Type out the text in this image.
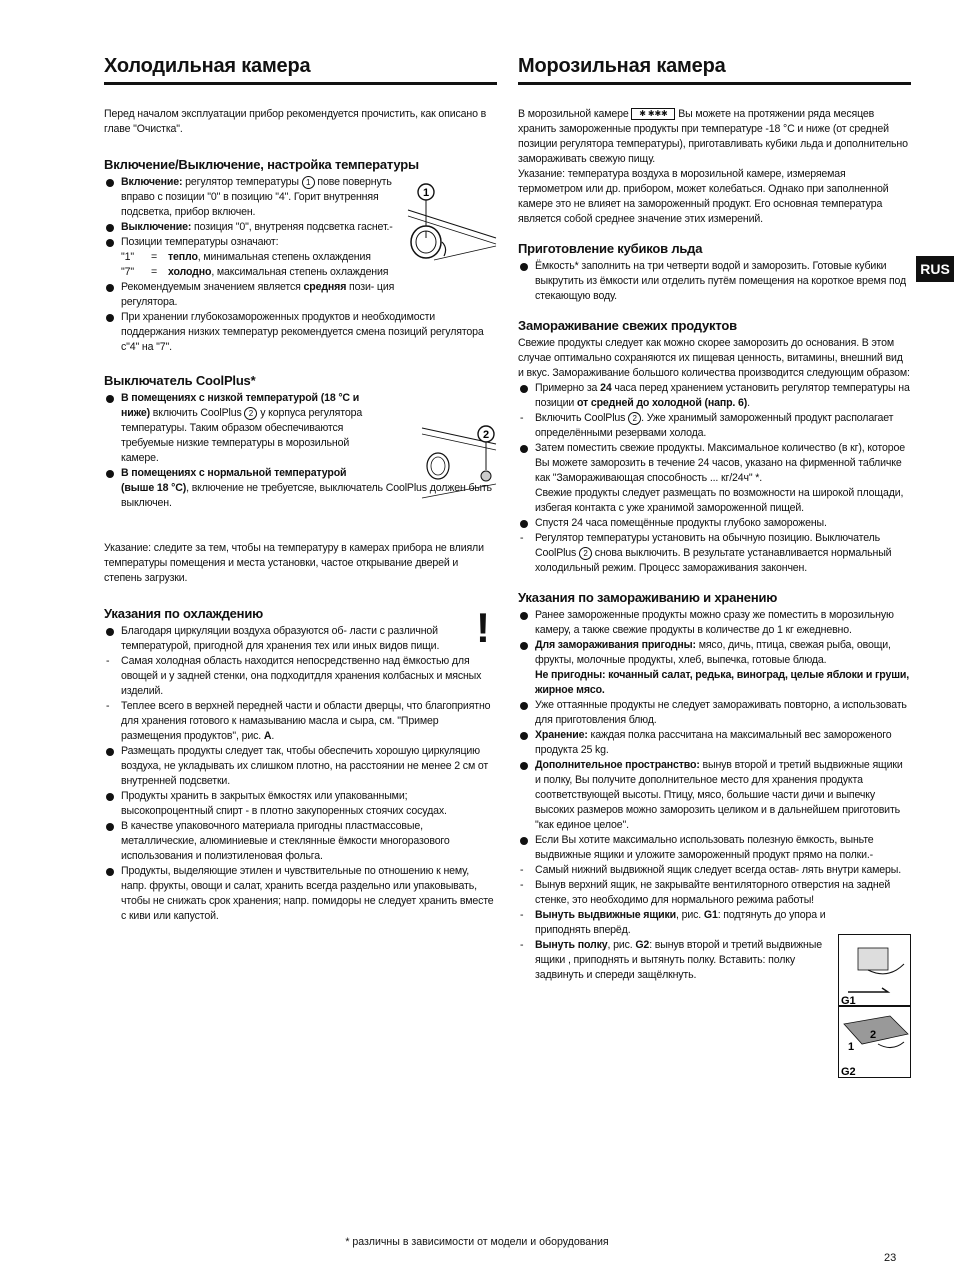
Холодильная камера

Перед началом эксплуатации прибор рекомендуется прочистить, как описано в главе "Очистка".

Включение/Выключение, настройка температуры
Включение: регулятор температуры 1 пове повернуть вправо с позиции "0" в позицию "4". Горит внутренняя подсветка, прибор включен.
Выключение: позиция "0", внутреняя подсветка гаснет.-
Позиции температуры означают:
"1"	=	тепло, минимальная степень охлаждения
"7"	=	холодно, максимальная степень охлаждения
Рекомендуемым значением является средняя пози- ция регулятора.
При хранении глубокозамороженных продуктов и необходимости поддержания низких температур рекомендуется смена позиций регулятора с"4" на "7".
Выключатель CoolPlus*
В помещениях с низкой температурой (18 °C и ниже) включить CoolPlus 2 у корпуса регулятора температуры. Таким образом обеспечиваются требуемые низкие температуры в морозильной камере.
В помещениях с нормальной температурой
(выше 18 °C), включение не требуетсяe, выключатель CoolPlus должен быть выключен.

Указание: следите за тем, чтобы на температуру в камерах прибора не влияли температуры помещения и места установки, частое открывание дверей и степень загрузки.

Указания по охлаждению
Благодаря циркуляции воздуха образуются об- ласти с различной температурой, пригодной для хранения тех или иных видов пищи.
- Самая холодная область находится непосредственно над ёмкостью для овощей и у задней стенки, она подходитдля хранения колбасных и мясных изделий.
- Теплее всего в верхней передней части и области дверцы, что благоприятно для хранения готового к намазыванию масла и сыра, см. "Пример размещения продуктов", рис. A.
Размещать продукты следует так, чтобы обеспечить хорошую циркуляцию воздуха, не укладывать их слишком плотно, на расстоянии не менее 2 см от внутренней подсветки.
Продукты хранить в закрытых ёмкостях или упакованными; высокопроцентный спирт - в плотно закупоренных стоячих сосудах.
В качестве упаковочного материала пригодны пластмассовые, металлические, алюминиевые и стеклянные ёмкости многоразового использования и полиэтиленовая фольга.
Продукты, выделяющие этилен и чувствительные по отношению к нему, напр. фрукты, овощи и салат, хранить всегда раздельно или упаковывать, чтобы не снижать срок хранения; напр. помидоры не следует хранить вместе с киви или капустой.
1
2
!
Морозильная камера

В морозильной камере ✱ ✱✱✱ Вы можете на протяжении ряда месяцев хранить замороженные продукты при температуре -18 °C и ниже (от средней позиции регулятора температуры), приготавливать кубики льда и дополнительно замораживать свежую пищу.

Указание: температура воздуха в морозильной камере, измеряемая термометром или др. прибором, может колебаться. Однако при заполненной камере это не влияет на замороженный продукт. Его основная температура является собой среднее значение этих измерений.

Приготовление кубиков льда
Ёмкость* заполнить на три четверти водой и заморозить. Готовые кубики выкрутить из ёмкости или отделить путём помещения на короткое время под стекающую воду.
Замораживание свежих продуктов

Свежие продукты следует как можно скорее заморозить до основания. В этом случае оптимально сохраняются их пищевая ценность, витамины, внешний вид и вкус. Замораживание большого количества производится следующим образом:

Примерно за 24 часа перед хранением установить регулятор температуры на позиции от средней до холодной (напр. 6).
- Включить CoolPlus 2 . Уже хранимый замороженный продукт располагает определёнными резервами холода.
Затем поместить свежие продукты. Максимальное количество (в кг), которое Вы можете заморозить в течение 24 часов, указано на фирменной табличке
как "Замораживающая способность ... кг/24ч" *.
Свежие продукты следует размещать по возможности на широкой площади, избегая контакта с уже хранимой замороженной пищей.
Спустя 24 часа помещённые продукты глубоко заморожены.
- Регулятор температуры установить на обычную позицию. Выключатель CoolPlus 2 снова выключить. В результате устанавливается нормальный холодильный режим. Процесс замораживания закончен.
Указания по замораживанию и хранению
Ранее замороженные продукты можно сразу же поместить в морозильную камеру, а также свежие продукты в количестве до 1 кг ежедневно.
Для замораживания пригодны: мясо, дичь, птица, свежая рыба, овощи, фрукты, молочные продукты, хлеб, выпечка, готовые блюда.
Не пригодны: кочанный салат, редька, виноград, целые яблоки и груши, жирное мясо.
Уже оттаянные продукты не следует замораживать повторно, а использовать для приготовления блюд.
Хранение: каждая полка рассчитана на максимальный вес замороженого продукта 25 kg.
Дополнительное пространство: вынув второй и третий выдвижные ящики и полку, Вы получите дополнительное место для хранения продукта соответствующей высоты. Птицу, мясо, большие части дичи и выпечку высоких размеров можно заморозить целиком и в дальнейшем приготовить "как единое целое".
Если Вы хотите максимально использовать полезную ёмкость, выньте выдвижные ящики и уложите замороженный продукт прямо на полки.-
- Самый нижний выдвижной ящик следует всегда остав- лять внутри камеры.
- Вынув верхний ящик, не закрывайте вентиляторного отверстия на задней стенке, это необходимо для нормального режима работы!
- Вынуть выдвижные ящики, рис. G1: подтянуть до упора и приподнять вперёд.
- Вынуть полку, рис. G2: вынув второй и третий выдвижные ящики , приподнять и вытянуть полку. Вставить: полку задвинуть и спереди защёлкнуть.
G1
1
2
G2
RUS
* различны в зависимости от модели и оборудования
23
